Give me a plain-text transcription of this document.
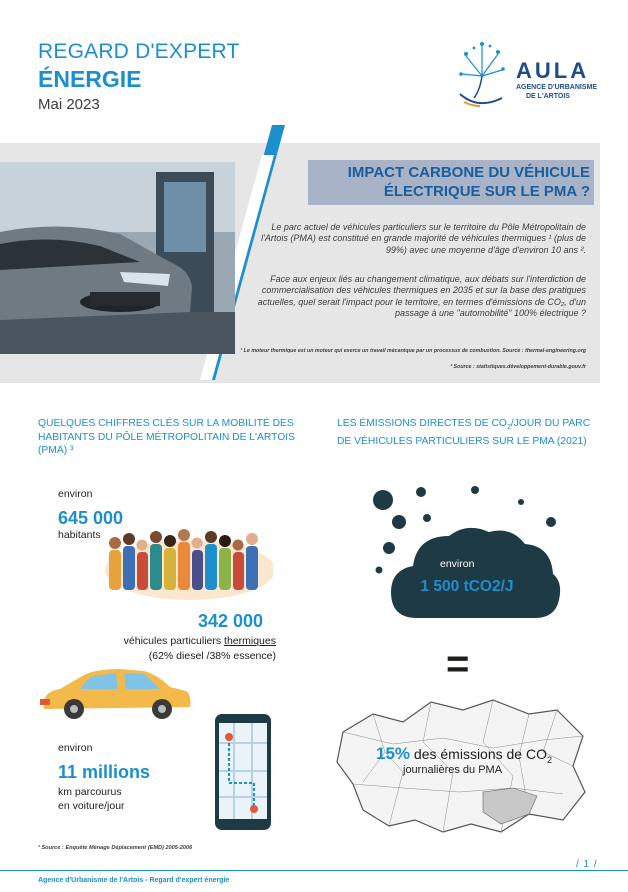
REGARD D'EXPERT
ÉNERGIE
Mai 2023
AULA
AGENCE D'URBANISME
DE L'ARTOIS
IMPACT CARBONE DU VÉHICULE ÉLECTRIQUE SUR LE PMA ?
Le parc actuel de véhicules particuliers sur le territoire du Pôle Métropolitain de l'Artois (PMA) est constitué en grande majorité de véhicules thermiques ¹ (plus de 99%) avec une moyenne d'âge d'environ 10 ans ².
Face aux enjeux liés au changement climatique, aux débats sur l'interdiction de commercialisation des véhicules thermiques en 2035 et sur la base des pratiques actuelles, quel serait l'impact pour le territoire, en termes d'émissions de CO₂, d'un passage à une "automobilité" 100% électrique ?
¹ Le moteur thermique est un moteur qui exerce un travail mécanique par un processus de combustion. Source : thermal-engineering.org
² Source : statistiques.développement-durable.gouv.fr
QUELQUES CHIFFRES CLÉS SUR LA MOBILITÉ DES HABITANTS DU PÔLE MÉTROPOLITAIN DE L'ARTOIS (PMA) ³
environ
645 000
habitants
342 000
véhicules particuliers thermiques
(62% diesel /38% essence)
environ
11 millions
km parcourus
en voiture/jour
³ Source : Enquête Ménage Déplacement (EMD) 2005-2006
LES ÉMISSIONS DIRECTES DE $CO_2$/JOUR DU PARC DE VÉHICULES PARTICULIERS SUR LE PMA (2021)
environ
1 500 tCO2/J
=
15% des émissions de $CO_2$
journalières du PMA
/ 1 /
Agence d'Urbanisme de l'Artois - Regard d'expert énergie
